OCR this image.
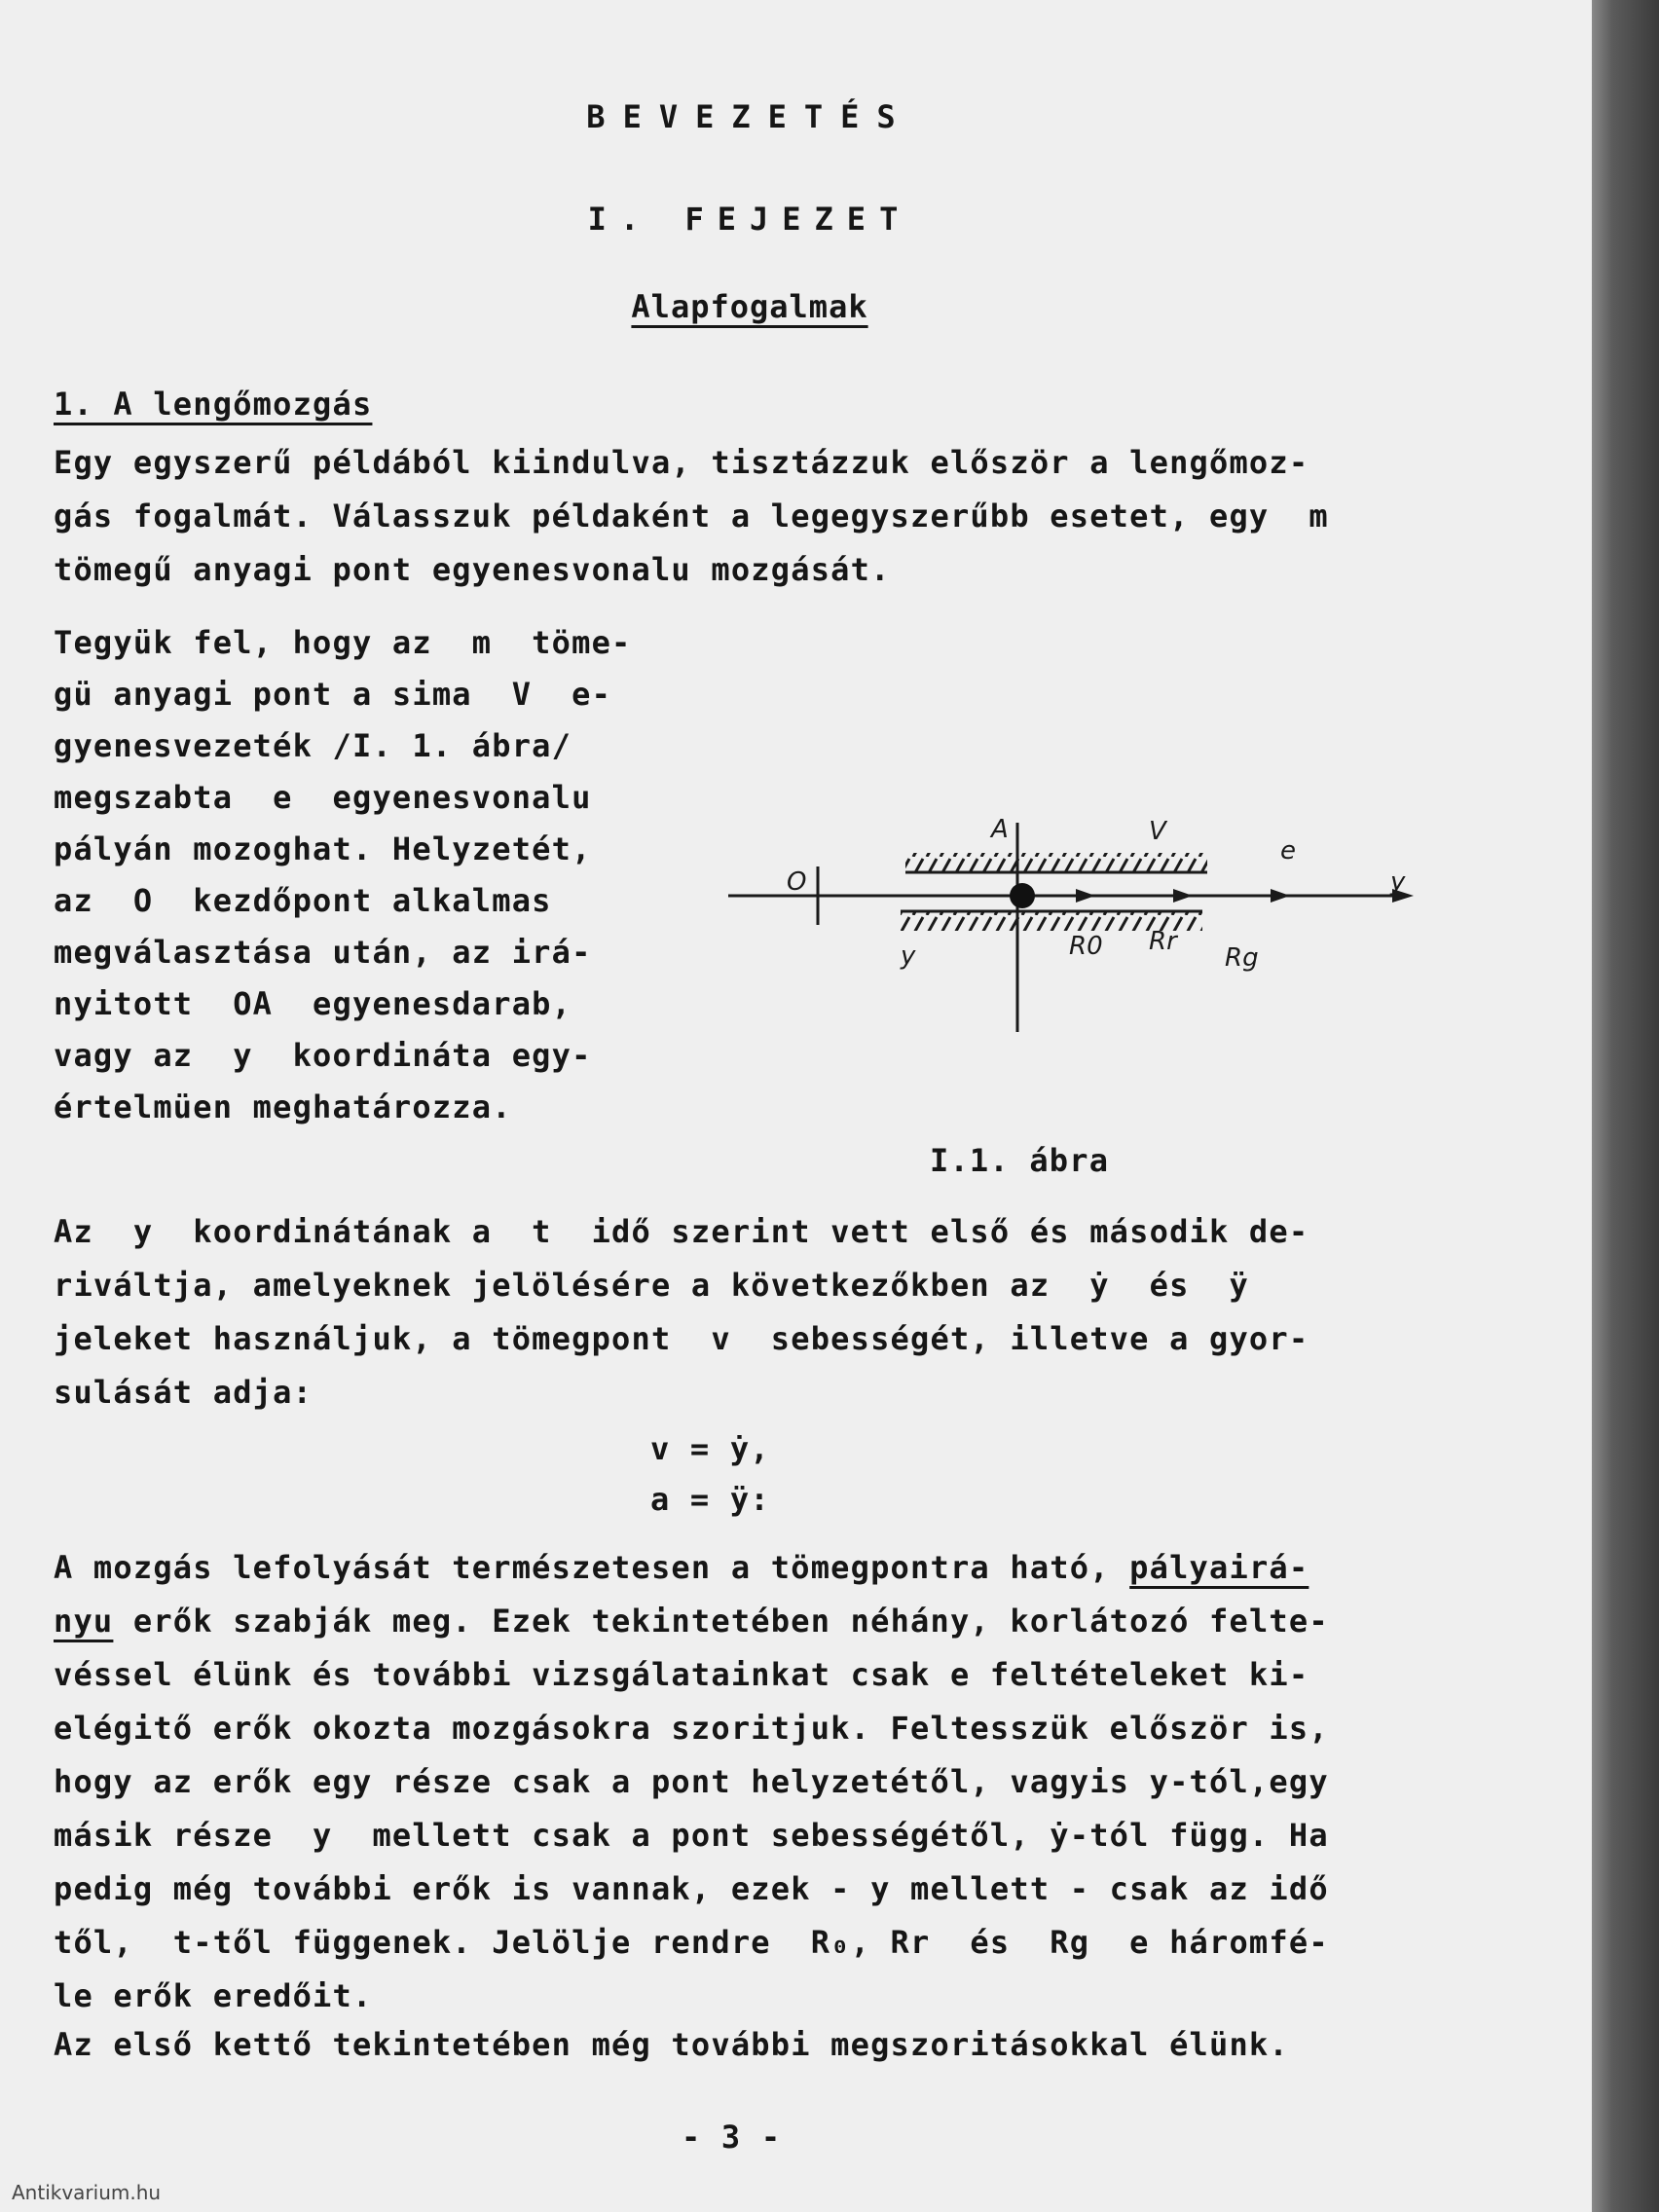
BEVEZETÉS
I. FEJEZET
Alapfogalmak
1. A lengőmozgás
Egy egyszerű példából kiindulva, tisztázzuk először a lengőmoz-
gás fogalmát. Válasszuk példaként a legegyszerűbb esetet, egy  m
tömegű anyagi pont egyenesvonalu mozgását.
Tegyük fel, hogy az  m  töme-
gü anyagi pont a sima  V  e-
gyenesvezeték /I. 1. ábra/
megszabta  e  egyenesvonalu
pályán mozoghat. Helyzetét,
az  O  kezdőpont alkalmas
megválasztása után, az irá-
nyitott  OA  egyenesdarab,
vagy az  y  koordináta egy-
értelmüen meghatározza.
A	V
e
O	y
y	R0 Rr
Rg
I.1. ábra
Az  y  koordinátának a  t  idő szerint vett első és második de-
riváltja, amelyeknek jelölésére a következőkben az  ẏ  és  ÿ
jeleket használjuk, a tömegpont  v  sebességét, illetve a gyor-
sulását adja:
v = ẏ,
a = ÿ:
A mozgás lefolyását természetesen a tömegpontra ható, pályairá-
nyu erők szabják meg. Ezek tekintetében néhány, korlátozó felte-
véssel élünk és további vizsgálatainkat csak e feltételeket ki-
elégitő erők okozta mozgásokra szoritjuk. Feltesszük először is,
hogy az erők egy része csak a pont helyzetétől, vagyis y-tól,egy
másik része  y  mellett csak a pont sebességétől, ẏ-tól függ. Ha
pedig még további erők is vannak, ezek - y mellett - csak az idő
től,  t-től függenek. Jelölje rendre  R₀, Rr  és  Rg  e háromfé-
le erők eredőit.
Az első kettő tekintetében még további megszoritásokkal élünk.
- 3 -
Antikvarium.hu
